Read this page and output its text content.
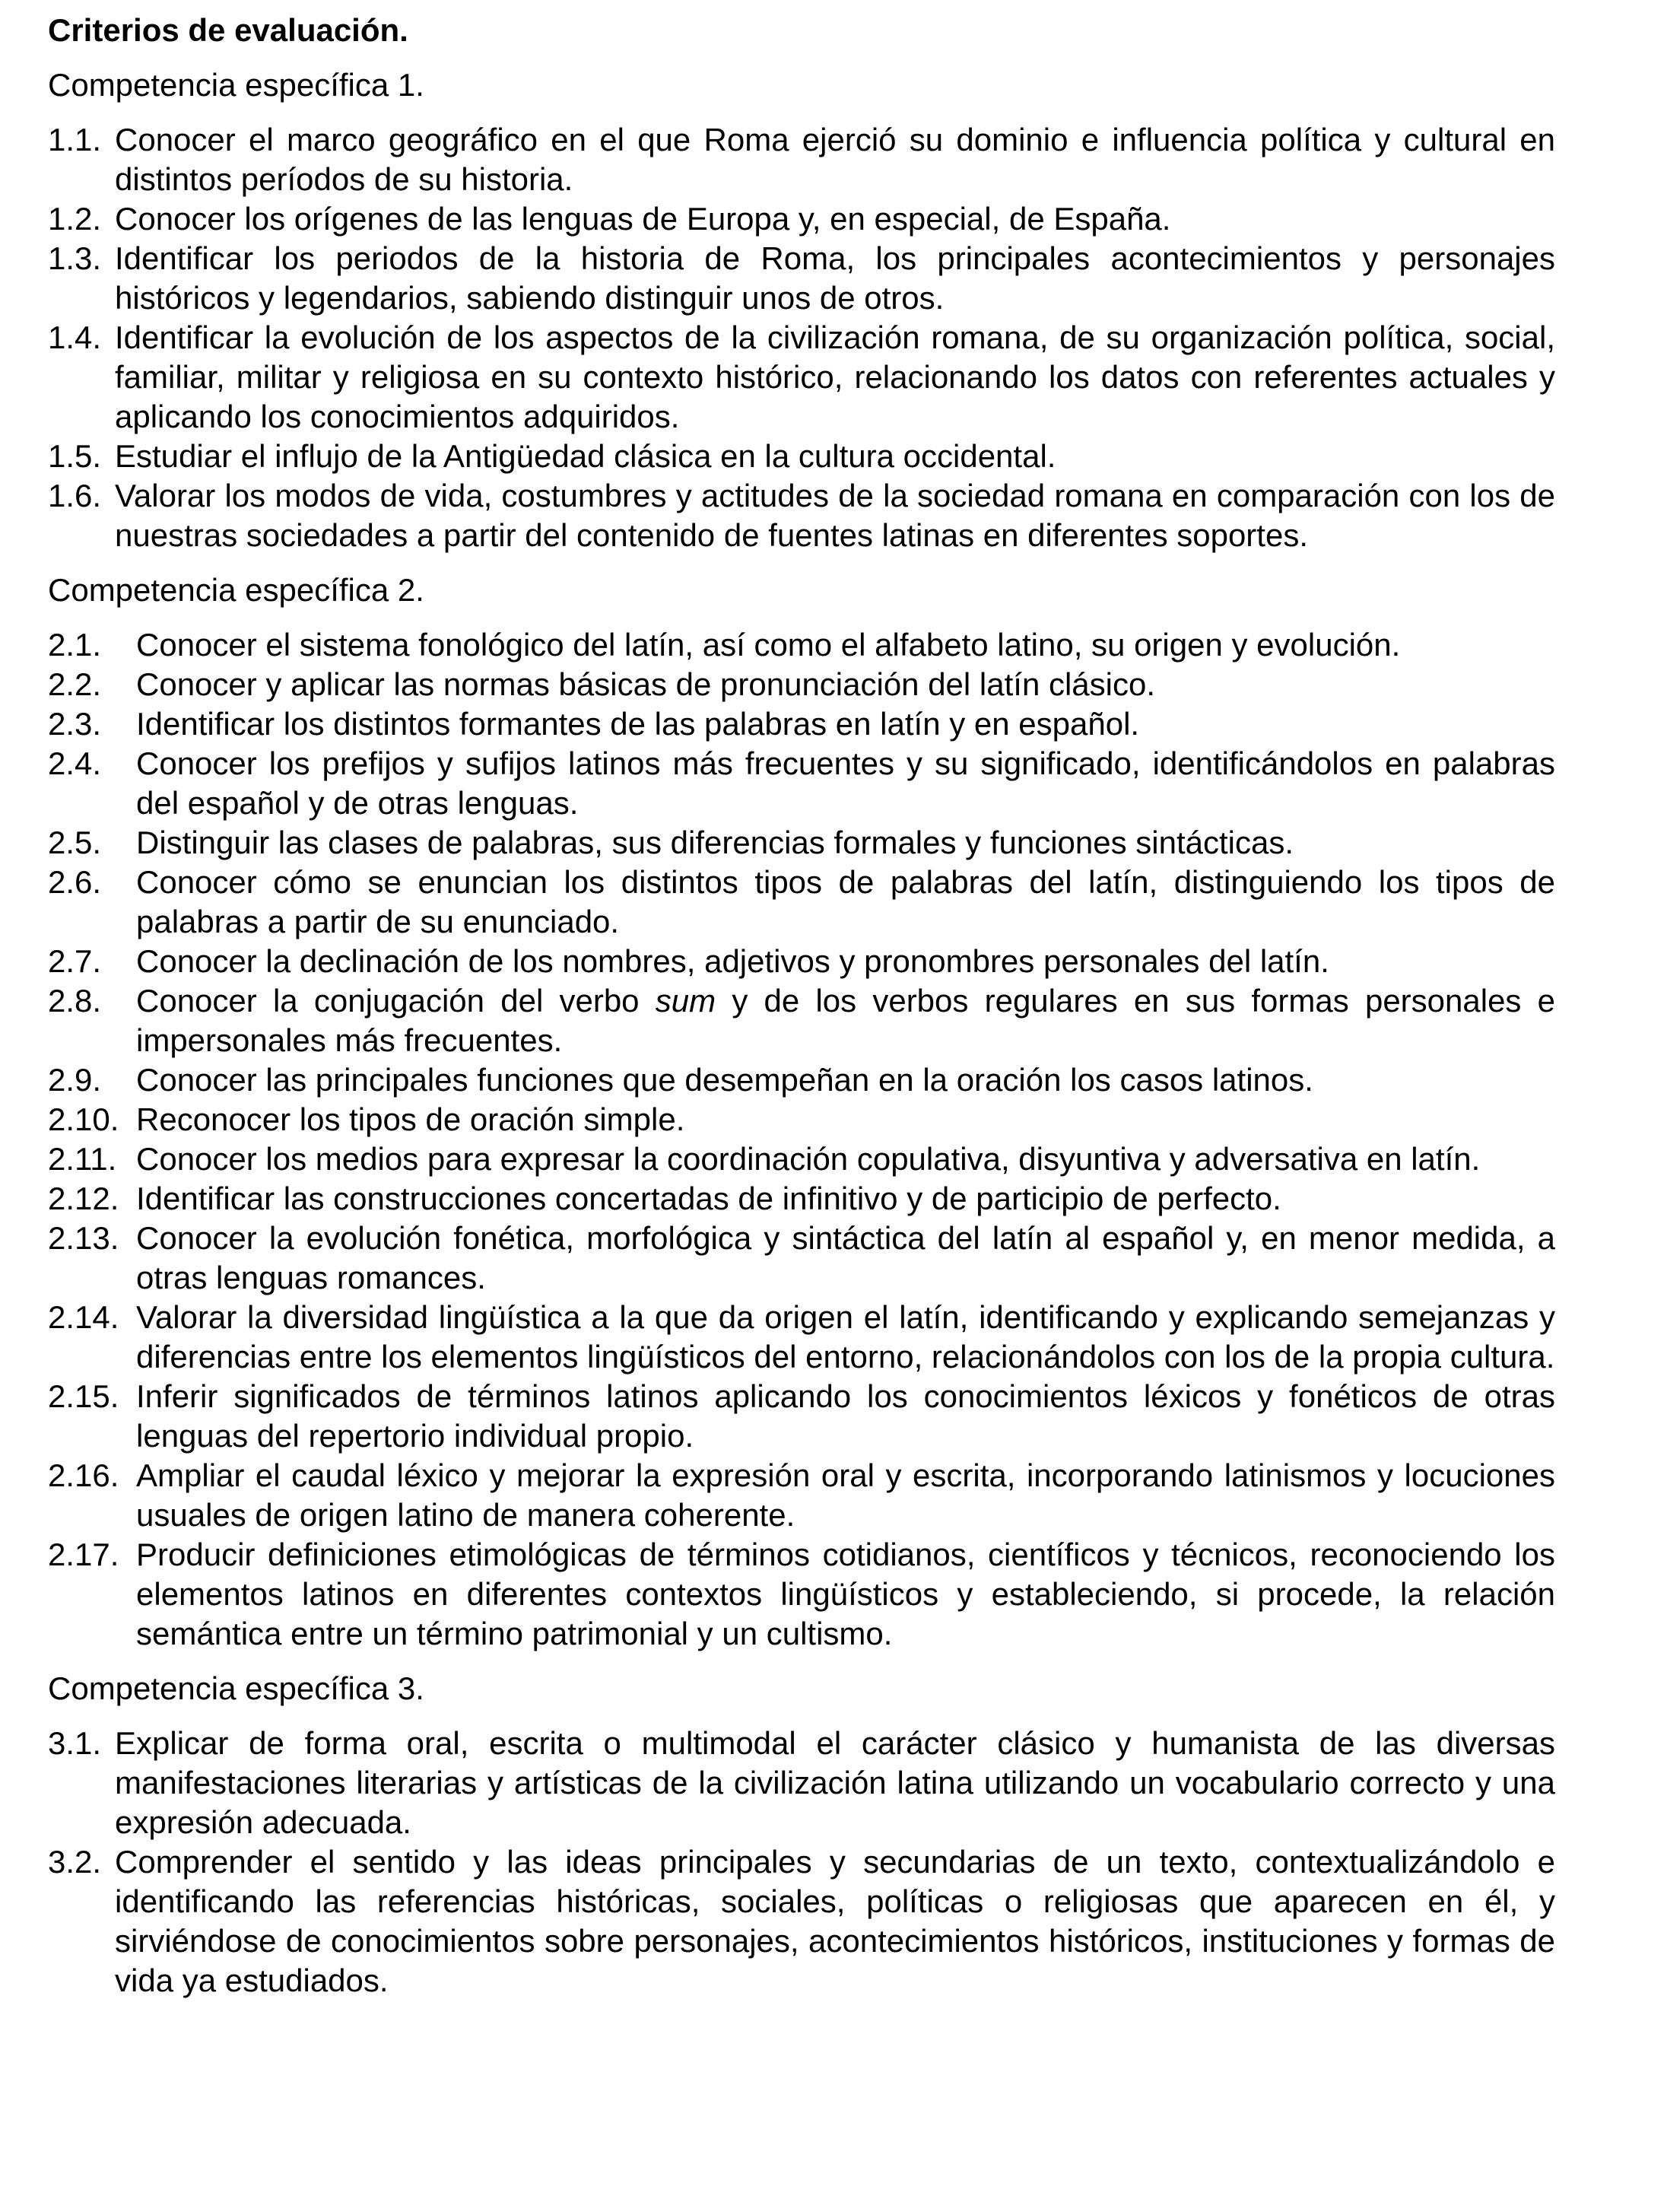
Criterios de evaluación.
Competencia específica 1.
1.1. Conocer el marco geográfico en el que Roma ejerció su dominio e influencia política y cultural en distintos períodos de su historia.
1.2. Conocer los orígenes de las lenguas de Europa y, en especial, de España.
1.3. Identificar los periodos de la historia de Roma, los principales acontecimientos y personajes históricos y legendarios, sabiendo distinguir unos de otros.
1.4. Identificar la evolución de los aspectos de la civilización romana, de su organización política, social, familiar, militar y religiosa en su contexto histórico, relacionando los datos con referentes actuales y aplicando los conocimientos adquiridos.
1.5. Estudiar el influjo de la Antigüedad clásica en la cultura occidental.
1.6. Valorar los modos de vida, costumbres y actitudes de la sociedad romana en comparación con los de nuestras sociedades a partir del contenido de fuentes latinas en diferentes soportes.
Competencia específica 2.
2.1.	Conocer el sistema fonológico del latín, así como el alfabeto latino, su origen y evolución.
2.2.	Conocer y aplicar las normas básicas de pronunciación del latín clásico.
2.3.	Identificar los distintos formantes de las palabras en latín y en español.
2.4.	Conocer los prefijos y sufijos latinos más frecuentes y su significado, identificándolos en palabras del español y de otras lenguas.
2.5.	Distinguir las clases de palabras, sus diferencias formales y funciones sintácticas.
2.6.	Conocer cómo se enuncian los distintos tipos de palabras del latín, distinguiendo los tipos de palabras a partir de su enunciado.
2.7.	Conocer la declinación de los nombres, adjetivos y pronombres personales del latín.
2.8.	Conocer la conjugación del verbo sum y de los verbos regulares en sus formas personales e impersonales más frecuentes.
2.9.	Conocer las principales funciones que desempeñan en la oración los casos latinos.
2.10. Reconocer los tipos de oración simple.
2.11. Conocer los medios para expresar la coordinación copulativa, disyuntiva y adversativa en latín.
2.12. Identificar las construcciones concertadas de infinitivo y de participio de perfecto.
2.13. Conocer la evolución fonética, morfológica y sintáctica del latín al español y, en menor medida, a otras lenguas romances.
2.14. Valorar la diversidad lingüística a la que da origen el latín, identificando y explicando semejanzas y diferencias entre los elementos lingüísticos del entorno, relacionándolos con los de la propia cultura.
2.15. Inferir significados de términos latinos aplicando los conocimientos léxicos y fonéticos de otras lenguas del repertorio individual propio.
2.16. Ampliar el caudal léxico y mejorar la expresión oral y escrita, incorporando latinismos y locuciones usuales de origen latino de manera coherente.
2.17. Producir definiciones etimológicas de términos cotidianos, científicos y técnicos, reconociendo los elementos latinos en diferentes contextos lingüísticos y estableciendo, si procede, la relación semántica entre un término patrimonial y un cultismo.
Competencia específica 3.
3.1. Explicar de forma oral, escrita o multimodal el carácter clásico y humanista de las diversas manifestaciones literarias y artísticas de la civilización latina utilizando un vocabulario correcto y una expresión adecuada.
3.2. Comprender el sentido y las ideas principales y secundarias de un texto, contextualizándolo e identificando las referencias históricas, sociales, políticas o religiosas que aparecen en él, y sirviéndose de conocimientos sobre personajes, acontecimientos históricos, instituciones y formas de vida ya estudiados.
